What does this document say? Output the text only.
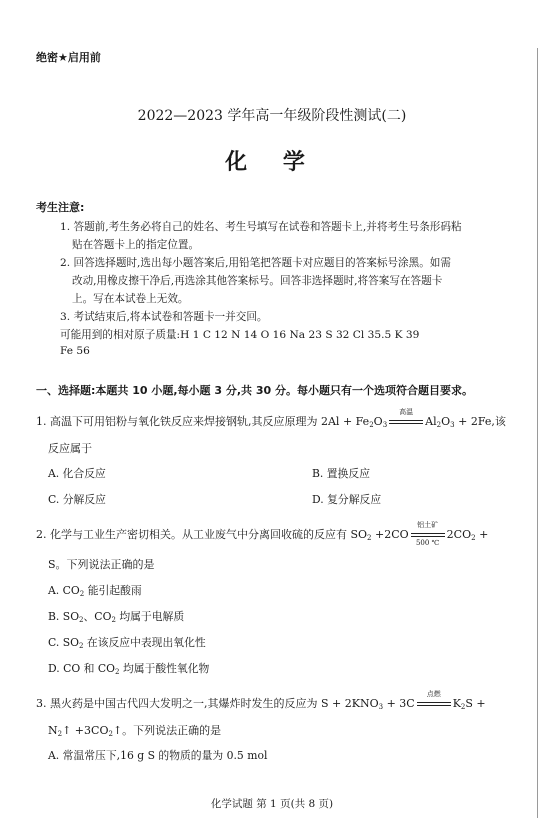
绝密★启用前
2022—2023 学年高一年级阶段性测试(二)
化 学
考生注意:
1. 答题前,考生务必将自己的姓名、考生号填写在试卷和答题卡上,并将考生号条形码粘
贴在答题卡上的指定位置。
2. 回答选择题时,选出每小题答案后,用铅笔把答题卡对应题目的答案标号涂黑。如需
改动,用橡皮擦干净后,再选涂其他答案标号。回答非选择题时,将答案写在答题卡
上。写在本试卷上无效。
3. 考试结束后,将本试卷和答题卡一并交回。
可能用到的相对原子质量:H 1 C 12 N 14 O 16 Na 23 S 32 Cl 35.5 K 39
Fe 56
一、选择题:本题共 10 小题,每小题 3 分,共 30 分。每小题只有一个选项符合题目要求。
1. 高温下可用铝粉与氧化铁反应来焊接钢轨,其反应原理为 $2Al + Fe_2O_3$
高温
$Al_2O_3 + 2Fe$,该
反应属于
A. 化合反应	B. 置换反应
C. 分解反应	D. 复分解反应
2. 化学与工业生产密切相关。从工业废气中分离回收硫的反应有 $SO_2 +2CO$
铝土矿
500 ℃
$2CO_2$ +
S。下列说法正确的是
A. $CO_2$ 能引起酸雨
B. $SO_2$、$CO_2$ 均属于电解质
C. $SO_2$ 在该反应中表现出氧化性
D. CO 和 $CO_2$ 均属于酸性氧化物
3. 黑火药是中国古代四大发明之一,其爆炸时发生的反应为 $S + 2KNO_3 + 3C$
点燃
$K_2S$ +
$N_2↑$ $+3CO_2↑$。下列说法正确的是
A. 常温常压下,16 g S 的物质的量为 0.5 mol
化学试题 第 1 页(共 8 页)
